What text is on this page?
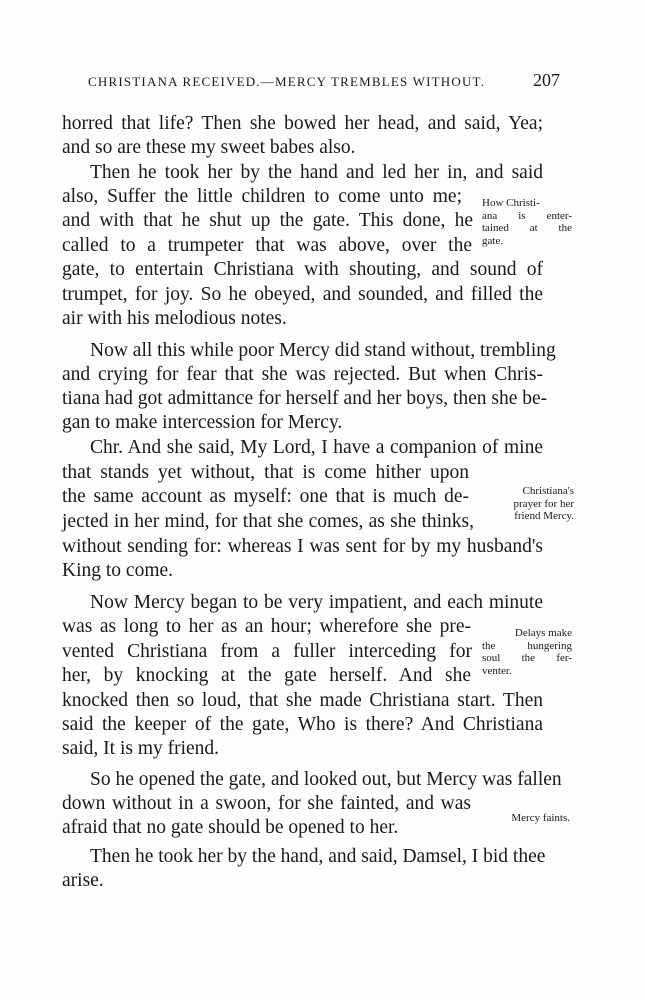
CHRISTIANA RECEIVED.—MERCY TREMBLES WITHOUT.	207
horred that life? Then she bowed her head, and said, Yea;
and so are these my sweet babes also.
Then he took her by the hand and led her in, and said
also, Suffer the little children to come unto me;
and with that he shut up the gate. This done, he
called to a trumpeter that was above, over the
gate, to entertain Christiana with shouting, and sound of
trumpet, for joy. So he obeyed, and sounded, and filled the
air with his melodious notes.
Now all this while poor Mercy did stand without, trembling
and crying for fear that she was rejected. But when Chris-
tiana had got admittance for herself and her boys, then she be-
gan to make intercession for Mercy.
Chr. And she said, My Lord, I have a companion of mine
that stands yet without, that is come hither upon
the same account as myself: one that is much de-
jected in her mind, for that she comes, as she thinks,
without sending for: whereas I was sent for by my husband's
King to come.
Now Mercy began to be very impatient, and each minute
was as long to her as an hour; wherefore she pre-
vented Christiana from a fuller interceding for
her, by knocking at the gate herself. And she
knocked then so loud, that she made Christiana start. Then
said the keeper of the gate, Who is there? And Christiana
said, It is my friend.
So he opened the gate, and looked out, but Mercy was fallen
down without in a swoon, for she fainted, and was
afraid that no gate should be opened to her.
Then he took her by the hand, and said, Damsel, I bid thee
arise.
How Christi-
ana is enter-
tained at the
gate.
Christiana's
prayer for her
friend Mercy.
Delays make
the hungering
soul the fer-
venter.
Mercy faints.
